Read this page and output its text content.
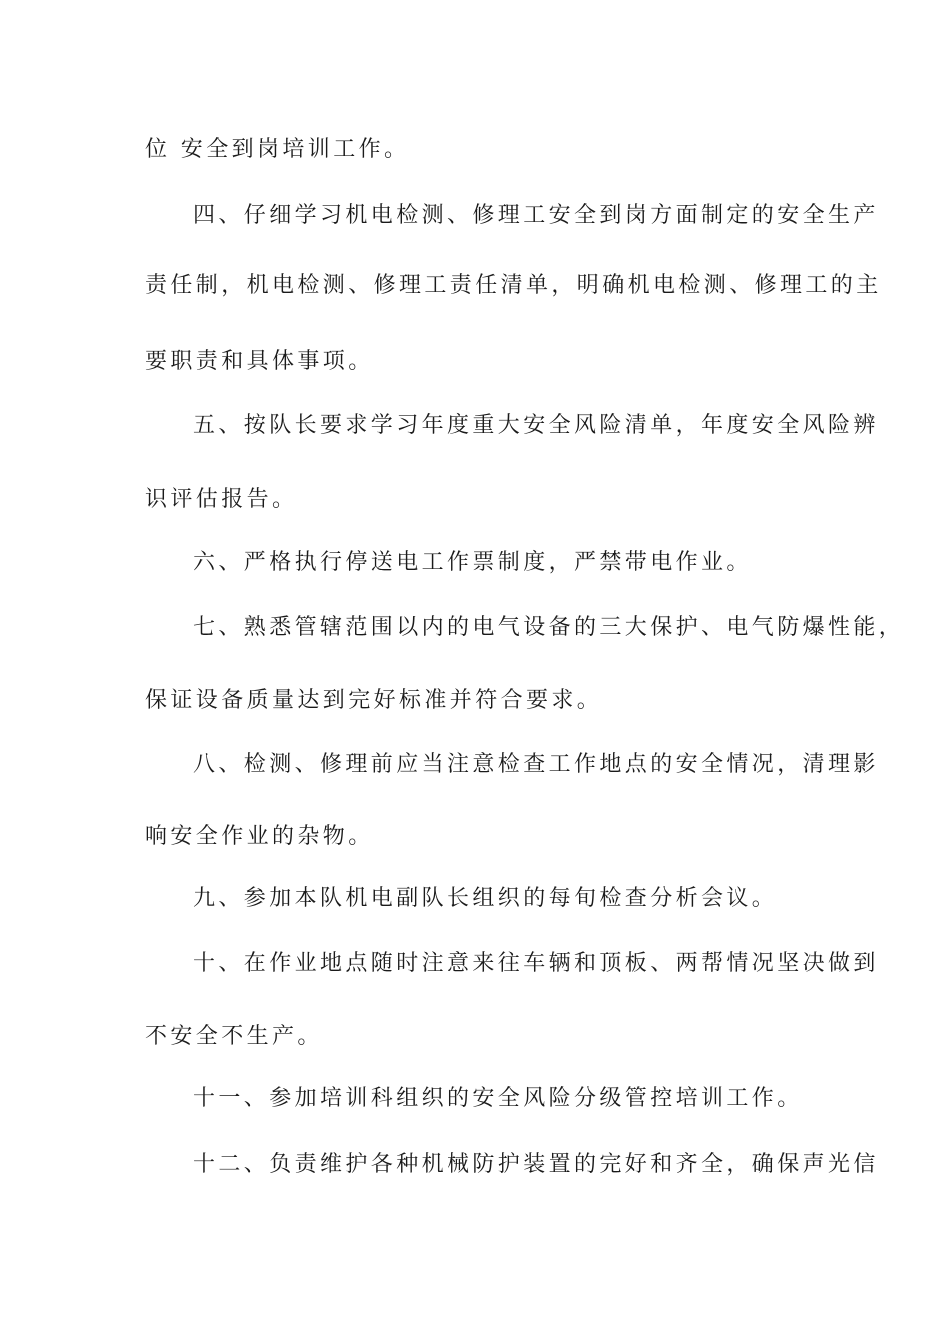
位 安全到岗培训工作。
四、仔细学习机电检测、修理工安全到岗方面制定的安全生产
责任制，机电检测、修理工责任清单，明确机电检测、修理工的主
要职责和具体事项。
五、按队长要求学习年度重大安全风险清单，年度安全风险辨
识评估报告。
六、严格执行停送电工作票制度，严禁带电作业。
七、熟悉管辖范围以内的电气设备的三大保护、电气防爆性能，
保证设备质量达到完好标准并符合要求。
八、检测、修理前应当注意检查工作地点的安全情况，清理影
响安全作业的杂物。
九、参加本队机电副队长组织的每旬检查分析会议。
十、在作业地点随时注意来往车辆和顶板、两帮情况坚决做到
不安全不生产。
十一、参加培训科组织的安全风险分级管控培训工作。
十二、负责维护各种机械防护装置的完好和齐全，确保声光信
